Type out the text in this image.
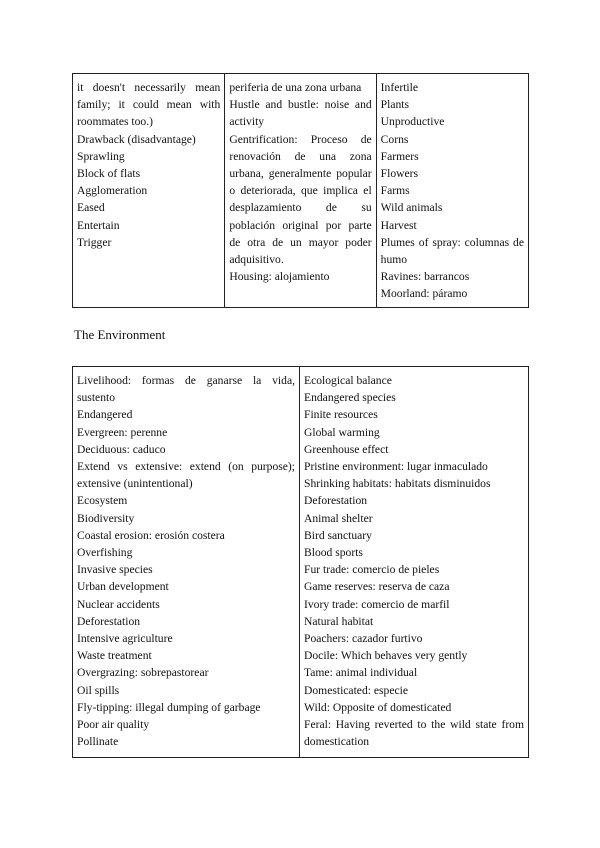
it doesn't necessarily mean family; it could mean with roommates too.)
Drawback (disadvantage)
Sprawling
Block of flats
Agglomeration
Eased
Entertain
Trigger
periferia de una zona urbana
Hustle and bustle: noise and activity
Gentrification: Proceso de renovación de una zona urbana, generalmente popular o deteriorada, que implica el desplazamiento de su población original por parte de otra de un mayor poder adquisitivo.
Housing: alojamiento
Infertile
Plants
Unproductive
Corns
Farmers
Flowers
Farms
Wild animals
Harvest
Plumes of spray: columnas de humo
Ravines: barrancos
Moorland: páramo
The Environment
Livelihood: formas de ganarse la vida, sustento
Endangered
Evergreen: perenne
Deciduous: caduco
Extend vs extensive: extend (on purpose); extensive (unintentional)
Ecosystem
Biodiversity
Coastal erosion: erosión costera
Overfishing
Invasive species
Urban development
Nuclear accidents
Deforestation
Intensive agriculture
Waste treatment
Overgrazing: sobrepastorear
Oil spills
Fly-tipping: illegal dumping of garbage
Poor air quality
Pollinate
Ecological balance
Endangered species
Finite resources
Global warming
Greenhouse effect
Pristine environment: lugar inmaculado
Shrinking habitats: habitats disminuidos
Deforestation
Animal shelter
Bird sanctuary
Blood sports
Fur trade: comercio de pieles
Game reserves: reserva de caza
Ivory trade: comercio de marfil
Natural habitat
Poachers: cazador furtivo
Docile: Which behaves very gently
Tame: animal individual
Domesticated: especie
Wild: Opposite of domesticated
Feral: Having reverted to the wild state from domestication
